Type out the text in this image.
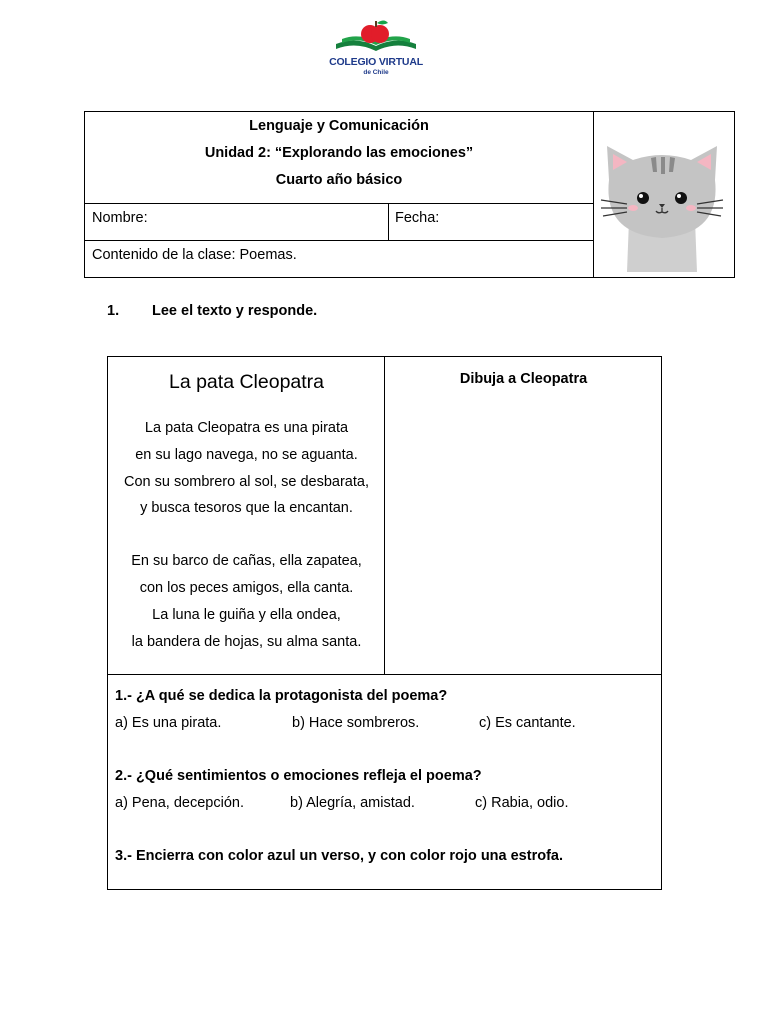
COLEGIO VIRTUAL
de Chile
Lenguaje y Comunicación
Unidad 2: “Explorando las emociones”
Cuarto año básico
Nombre:	Fecha:
Contenido de la clase: Poemas.
1. Lee el texto y responde.
La pata Cleopatra
La pata Cleopatra es una pirata
en su lago navega, no se aguanta.
Con su sombrero al sol, se desbarata,
y busca tesoros que la encantan.
En su barco de cañas, ella zapatea,
con los peces amigos, ella canta.
La luna le guiña y ella ondea,
la bandera de hojas, su alma santa.
Dibuja a Cleopatra
1.- ¿A qué se dedica la protagonista del poema?
a) Es una pirata.	b) Hace sombreros.	c) Es cantante.
2.- ¿Qué sentimientos o emociones refleja el poema?
a) Pena, decepción.	b) Alegría, amistad.	c) Rabia, odio.
3.- Encierra con color azul un verso, y con color rojo una estrofa.
